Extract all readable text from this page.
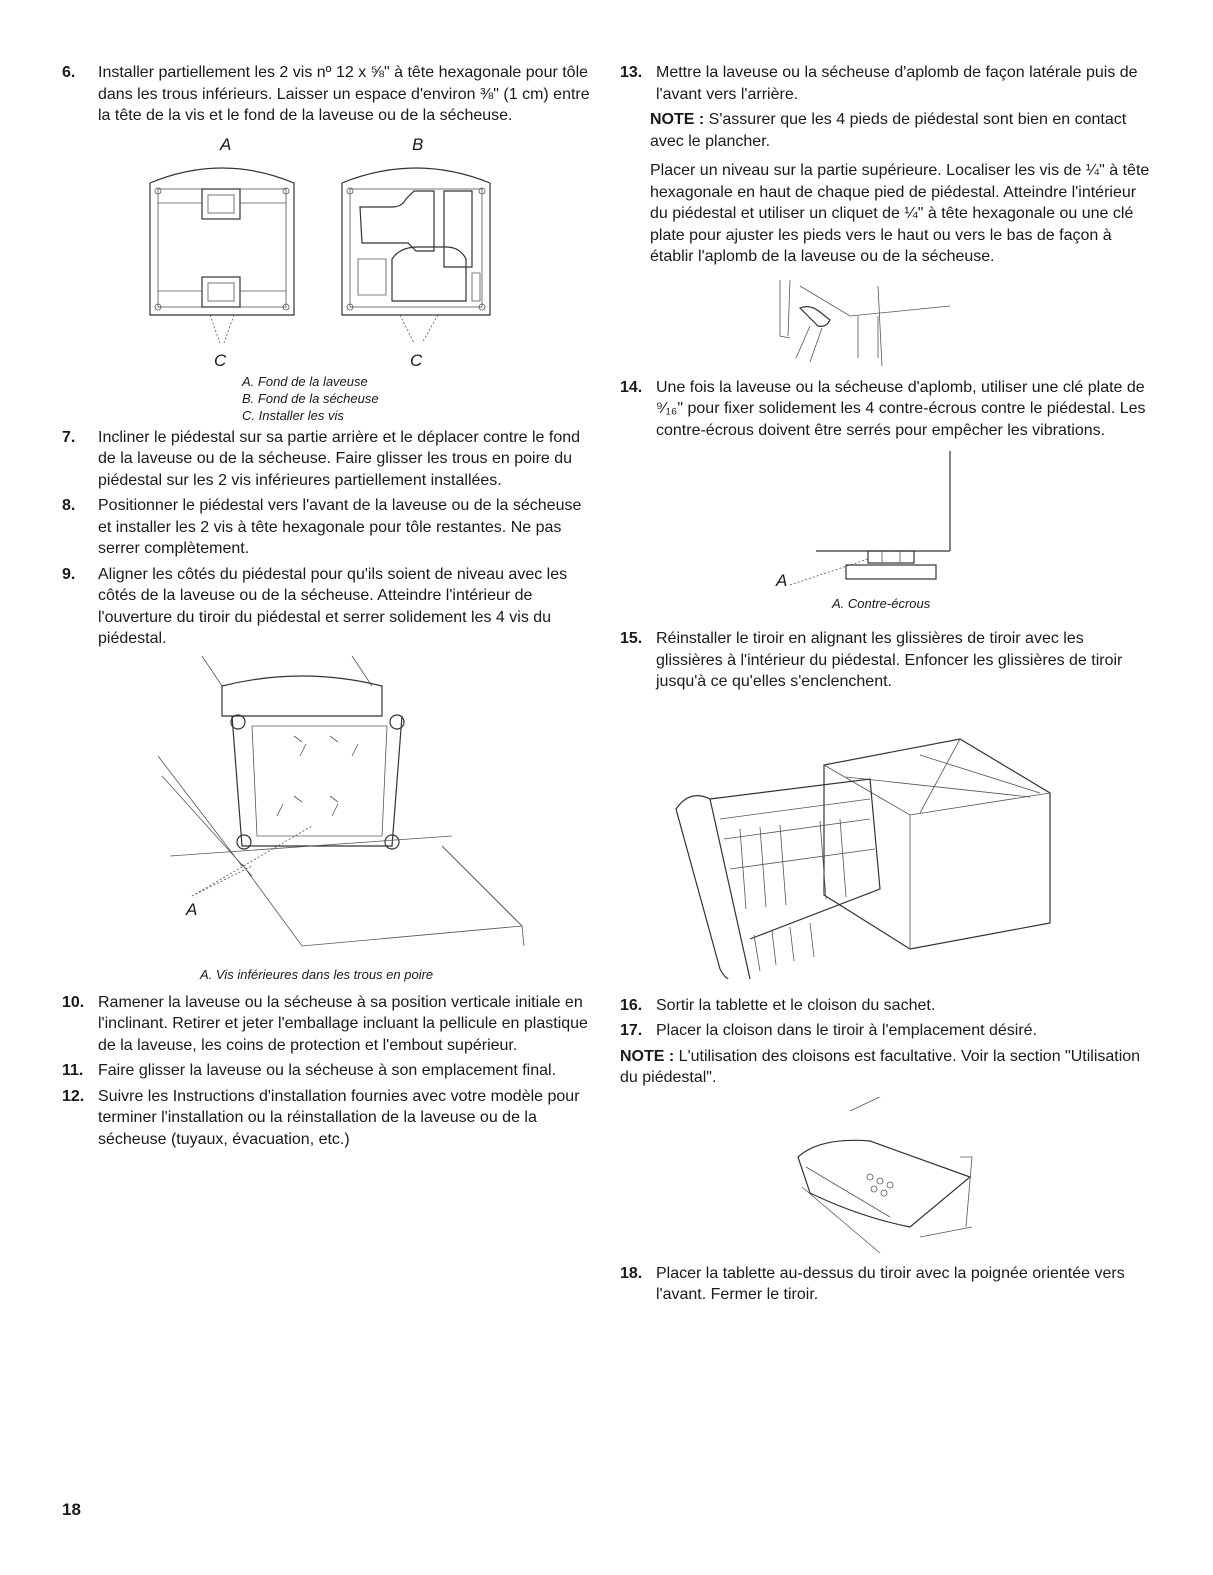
6.	Installer partiellement les 2 vis nº 12 x ⅝" à tête hexagonale pour tôle dans les trous inférieurs. Laisser un espace d'environ ⅜" (1 cm) entre la tête de la vis et le fond de la laveuse ou de la sécheuse.
A	B
C	C
A. Fond de la laveuse
B. Fond de la sécheuse
C. Installer les vis
7.	Incliner le piédestal sur sa partie arrière et le déplacer contre le fond de la laveuse ou de la sécheuse. Faire glisser les trous en poire du piédestal sur les 2 vis inférieures partiellement installées.
8.	Positionner le piédestal vers l'avant de la laveuse ou de la sécheuse et installer les 2 vis à tête hexagonale pour tôle restantes. Ne pas serrer complètement.
9.	Aligner les côtés du piédestal pour qu'ils soient de niveau avec les côtés de la laveuse ou de la sécheuse. Atteindre l'intérieur de l'ouverture du tiroir du piédestal et serrer solidement les 4 vis du piédestal.
A
A. Vis inférieures dans les trous en poire
10. Ramener la laveuse ou la sécheuse à sa position verticale initiale en l'inclinant. Retirer et jeter l'emballage incluant la pellicule en plastique de la laveuse, les coins de protection et l'embout supérieur.
11. Faire glisser la laveuse ou la sécheuse à son emplacement final.
12. Suivre les Instructions d'installation fournies avec votre modèle pour terminer l'installation ou la réinstallation de la laveuse ou de la sécheuse (tuyaux, évacuation, etc.)
13. Mettre la laveuse ou la sécheuse d'aplomb de façon latérale puis de l'avant vers l'arrière.
NOTE : S'assurer que les 4 pieds de piédestal sont bien en contact avec le plancher.
Placer un niveau sur la partie supérieure. Localiser les vis de ¼" à tête hexagonale en haut de chaque pied de piédestal. Atteindre l'intérieur du piédestal et utiliser un cliquet de ¼" à tête hexagonale ou une clé plate pour ajuster les pieds vers le haut ou vers le bas de façon à établir l'aplomb de la laveuse ou de la sécheuse.
14. Une fois la laveuse ou la sécheuse d'aplomb, utiliser une clé plate de ⁹⁄₁₆" pour fixer solidement les 4 contre-écrous contre le piédestal. Les contre-écrous doivent être serrés pour empêcher les vibrations.
A
A. Contre-écrous
15. Réinstaller le tiroir en alignant les glissières de tiroir avec les glissières à l'intérieur du piédestal. Enfoncer les glissières de tiroir jusqu'à ce qu'elles s'enclenchent.
16. Sortir la tablette et le cloison du sachet.
17. Placer la cloison dans le tiroir à l'emplacement désiré.
NOTE : L'utilisation des cloisons est facultative. Voir la section "Utilisation du piédestal".
18. Placer la tablette au-dessus du tiroir avec la poignée orientée vers l'avant. Fermer le tiroir.
18
